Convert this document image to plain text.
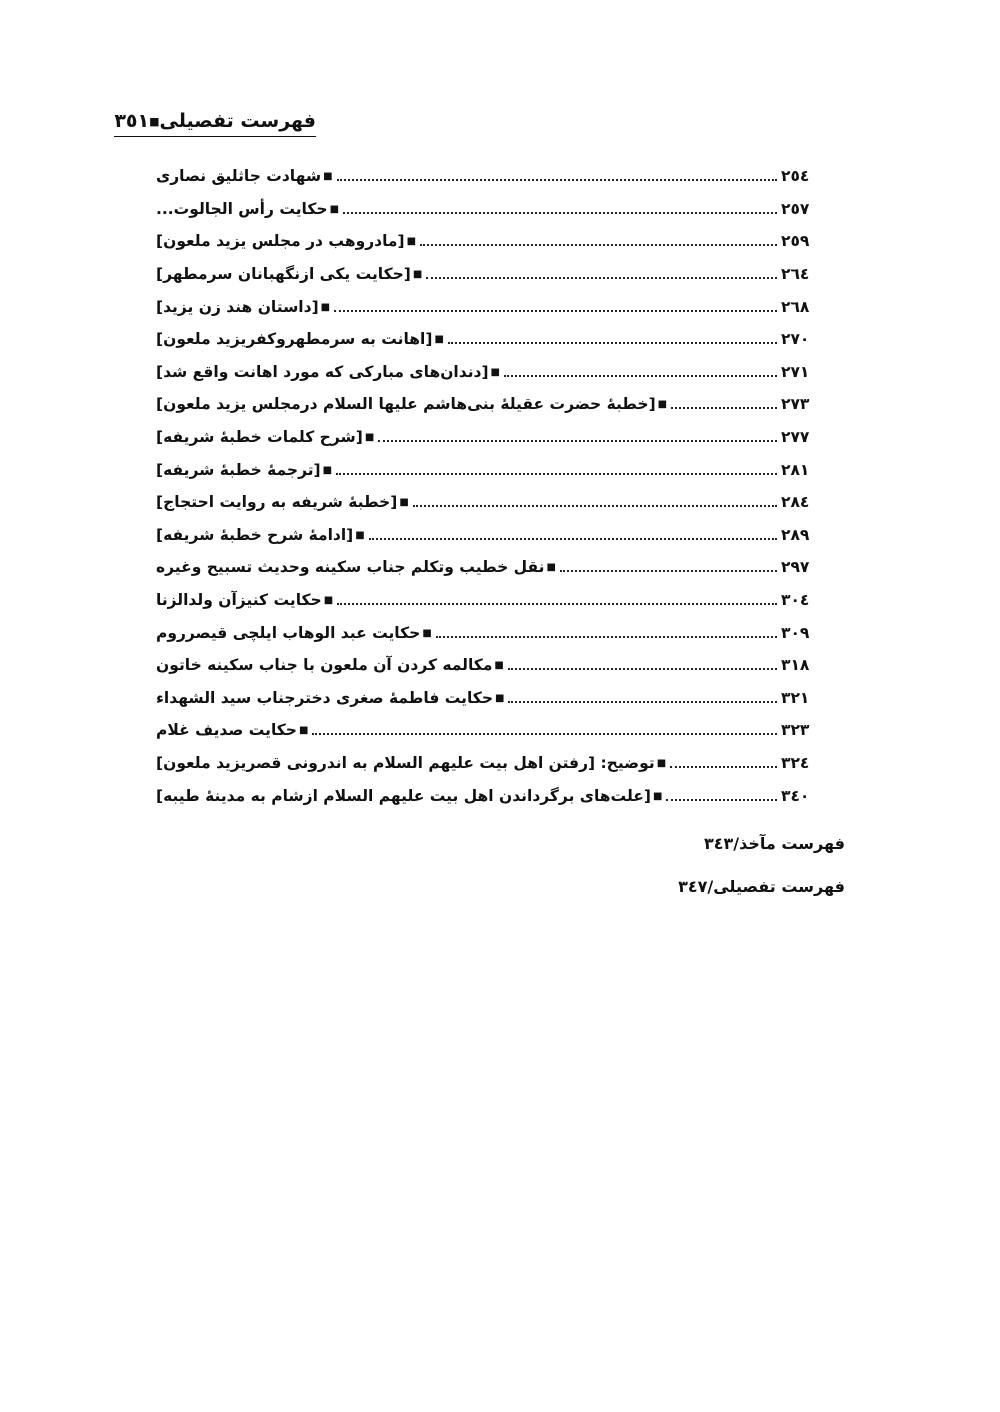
فهرست تفصيلی■٣٥١
■شهادت جاثليق نصاری	٢٥٤
■حكايت رأس الجالوت...	٢٥٧
■[مادروهب در مجلس يزيد ملعون]	٢٥٩
■[حكايت يكی ازنگهبانان سرمطهر]	٢٦٤
■[داستان هند زن يزيد]	٢٦٨
■[اهانت به سرمطهروكفريزيد ملعون]	٢٧٠
■[دندان‌های مباركی كه مورد اهانت واقع شد]	٢٧١
■[خطبۀ حضرت عقيلۀ بنی‌هاشم عليها السلام درمجلس يزيد ملعون]	٢٧٣
■[شرح كلمات خطبۀ شريفه]	٢٧٧
■[ترجمۀ خطبۀ شريفه]	٢٨١
■[خطبۀ شريفه به روايت احتجاج]	٢٨٤
■[ادامۀ شرح خطبۀ شريفه]	٢٨٩
■نقل خطيب وتكلم جناب سكينه وحديث تسبيح وغيره	٢٩٧
■حكايت كنيزآن ولدالزنا	٣٠٤
■حكايت عبد الوهاب ايلچی قيصرروم	٣٠٩
■مكالمه كردن آن ملعون با جناب سكينه خاتون	٣١٨
■حكايت فاطمۀ صغری دخترجناب سيد الشهداء	٣٢١
■حكايت صديف غلام	٣٢٣
■توضيح: [رفتن اهل بيت عليهم السلام به اندرونی قصريزيد ملعون]	٣٢٤
■[علت‌های برگرداندن اهل بيت عليهم السلام ازشام به مدينۀ طيبه]	٣٤٠
فهرست مآخذ/٣٤٣
فهرست تفصيلی/٣٤٧
